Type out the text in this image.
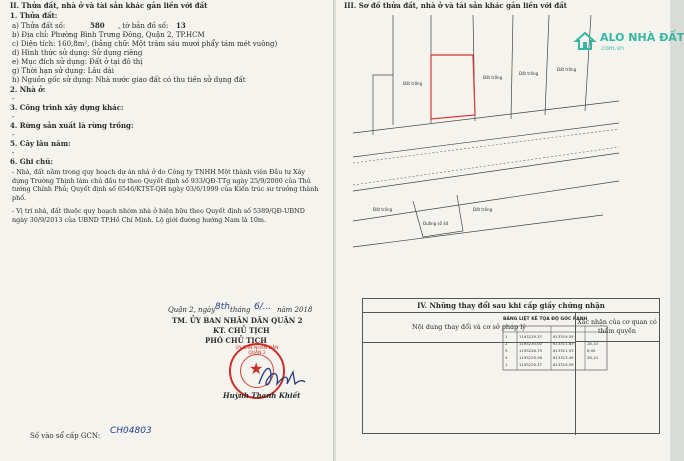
II. Thửa đất, nhà ở và tài sản khác gắn liền với đất
1. Thửa đất:
a) Thửa đất số:	580 , tờ bản đồ số: 13
b) Địa chỉ: Phường Bình Trưng Đông, Quận 2, TP.HCM
c) Diện tích: 160,8m², (bằng chữ: Một trăm sáu mươi phẩy tám mét vuông)
d) Hình thức sử dụng: Sử dụng riêng
e) Mục đích sử dụng: Đất ở tại đô thị
g) Thời hạn sử dụng: Lâu dài
h) Nguồn gốc sử dụng: Nhà nước giao đất có thu tiền sử dụng đất
2. Nhà ở:
-
3. Công trình xây dựng khác:
-
4. Rừng sản xuất là rừng trồng:
-
5. Cây lâu năm:
-
6. Ghi chú:
- Nhà, đất nằm trong quy hoạch dự án nhà ở do Công ty TNHH Một thành viên Đầu tư Xây dựng Trường Thịnh làm chủ đầu tư theo Quyết định số 933/QĐ-TTg ngày 25/9/2000 của Thủ tướng Chính Phủ; Quyết định số 6546/KTST-QH ngày 03/6/1999 của Kiến trúc sư trưởng thành phố.
- Vị trí nhà, đất thuộc quy hoạch nhóm nhà ở hiện hữu theo Quyết định số 5389/QĐ-UBND ngày 30/9/2013 của UBND TP.Hồ Chí Minh. Lộ giới đường hướng Nam là 10m.
Quận 2, ngày 8th tháng 6/... năm 2018
TM. ỦY BAN NHÂN DÂN QUẬN 2
KT. CHỦ TỊCH
PHÓ CHỦ TỊCH
ỦY BAN NHÂN DÂN QUẬN 2
★
Huỳnh Thanh Khiết
Số vào sổ cấp GCN: CH04803
III. Sơ đồ thửa đất, nhà ở và tài sản khác gắn liền với đất
Đất trống
Đất trống
Đất trống
Đất trống
Đất trống	Đất trống
Đường số 44
ALO NHÀ ĐẤT
.com.vn
BẢNG LIỆT KÊ TỌA ĐỘ GÓC RANH
1	1193229.37	613319.59
2	1193230.00	613311.63	28,10
3	1193228.79	613311.53	6,00
4	1193229.36	613313.49	28,10
1	1193229.37	613319.59
IV. Những thay đổi sau khi cấp giấy chứng nhận
Nội dung thay đổi và cơ sở pháp lý
Xác nhận của cơ quan có thẩm quyền
